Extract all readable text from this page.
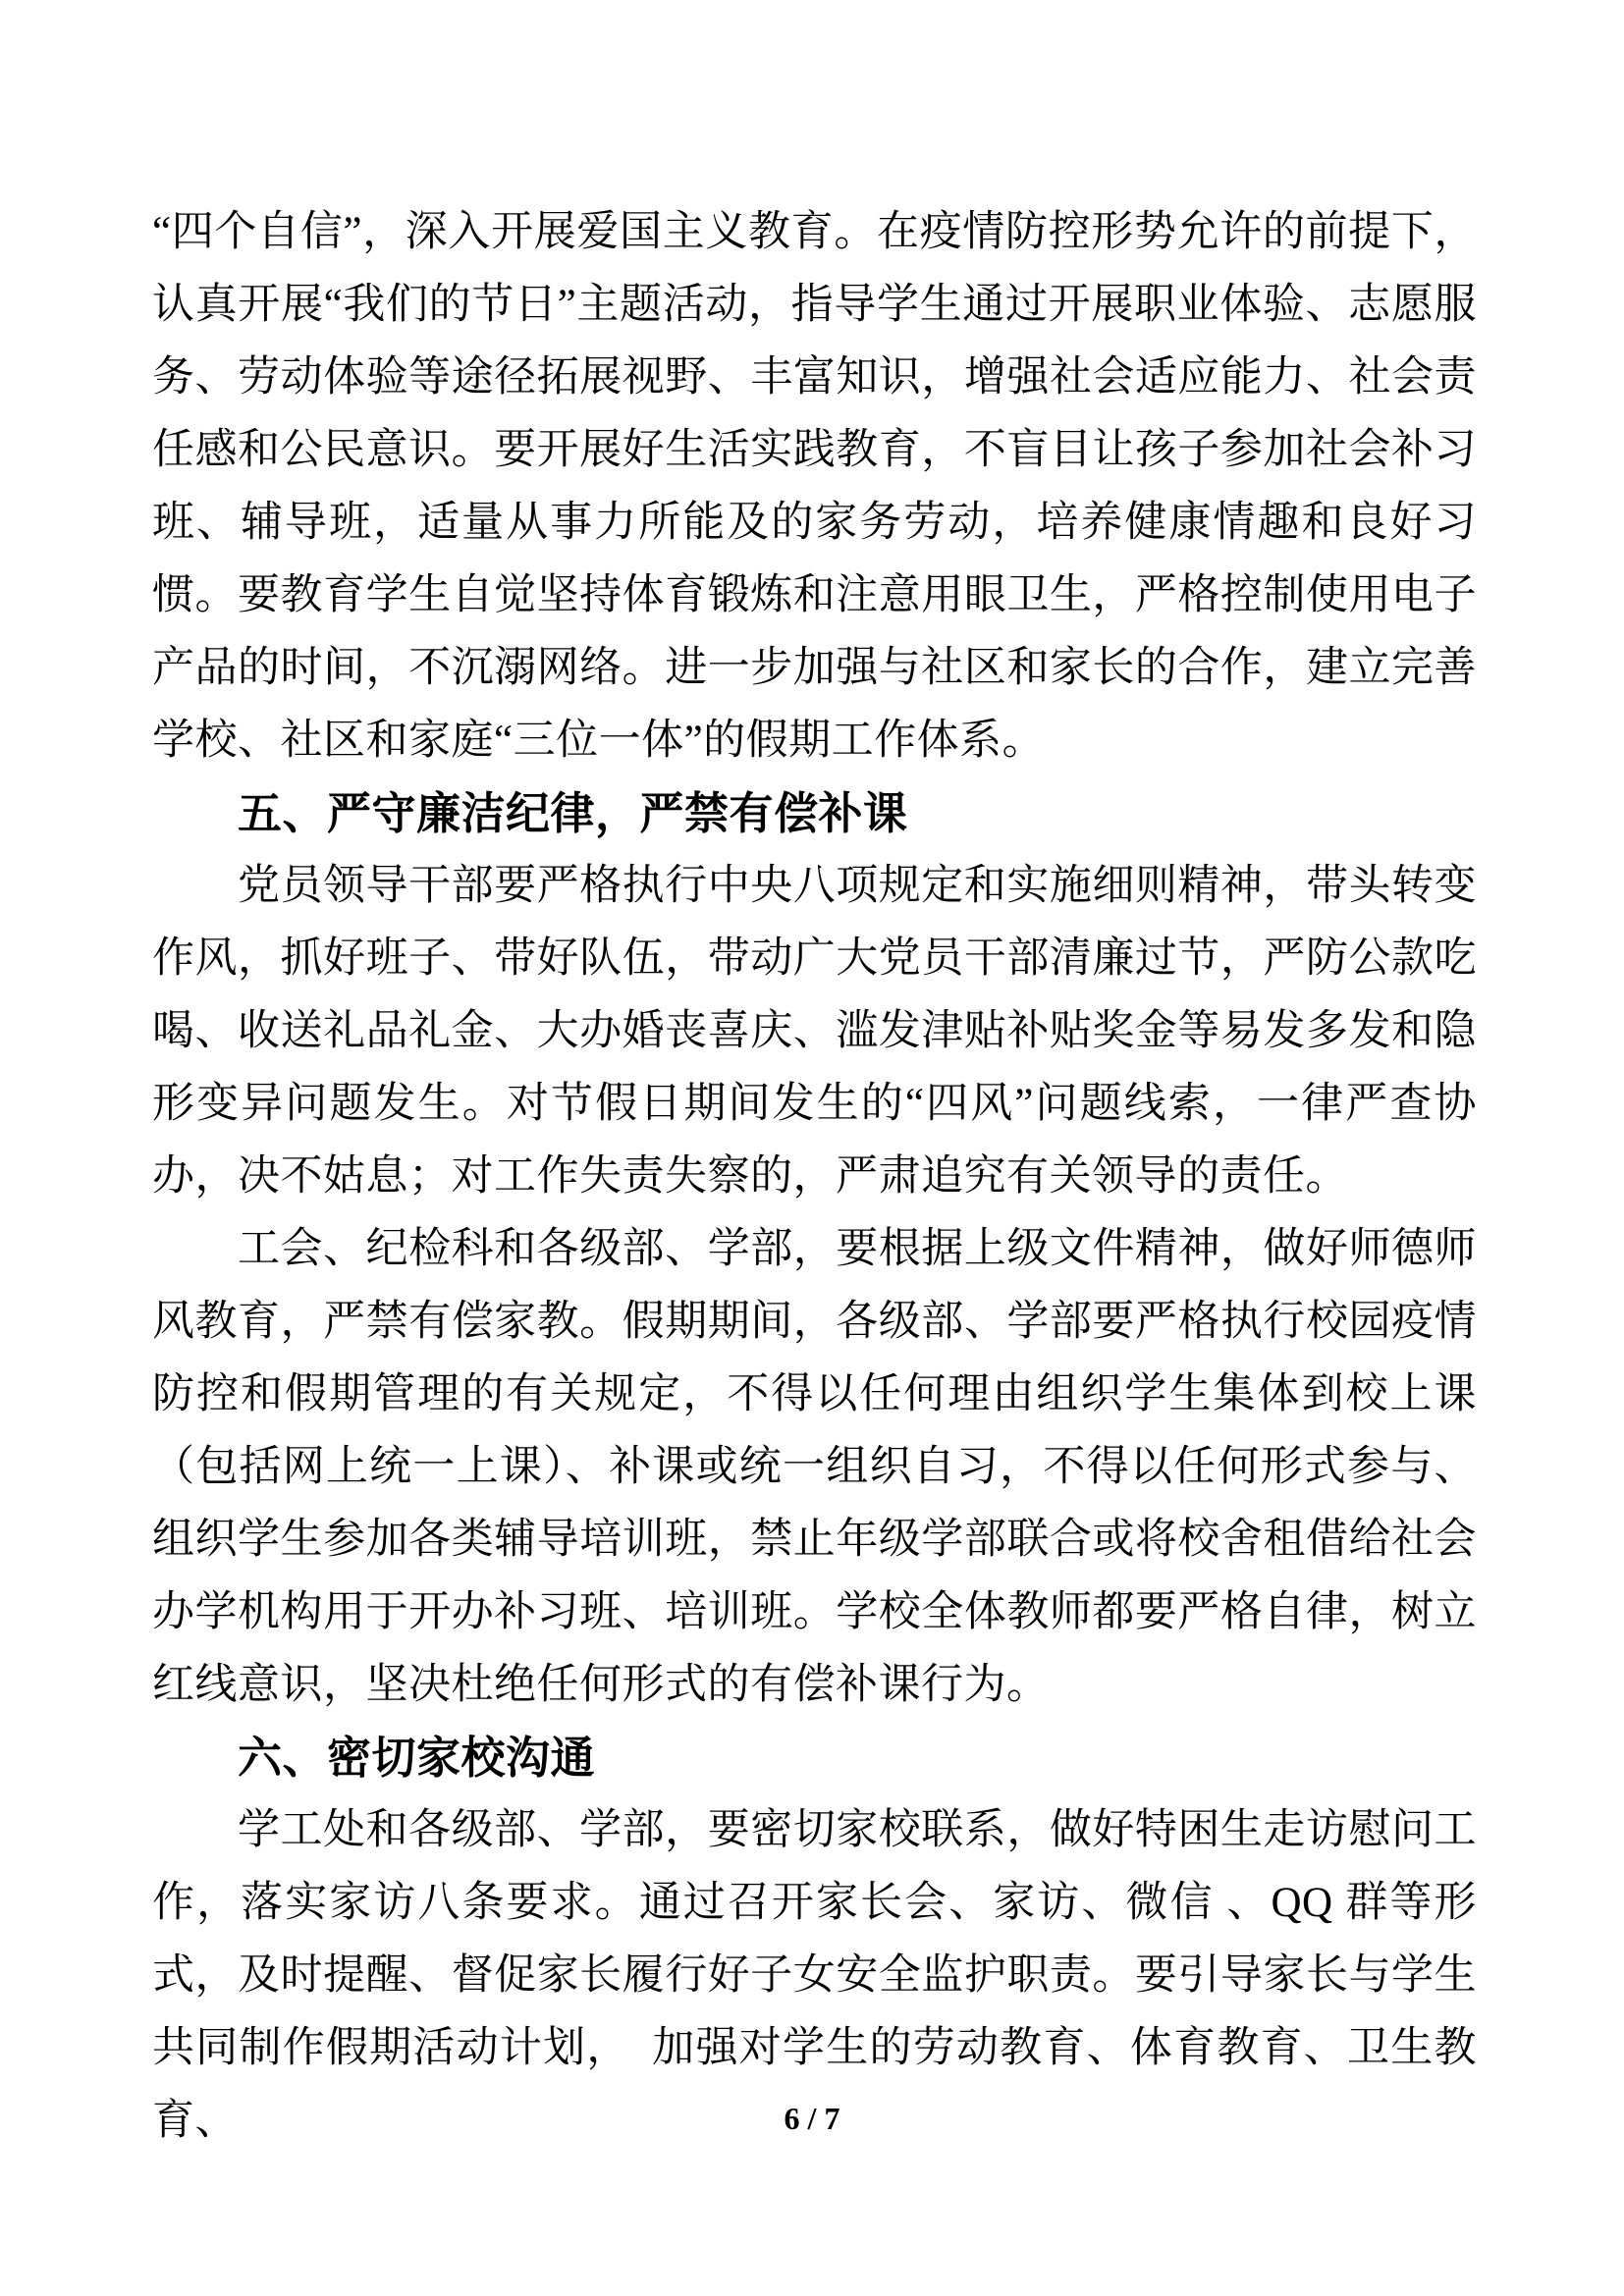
“四个自信”，深入开展爱国主义教育。在疫情防控形势允许的前提下，认真开展“我们的节日”主题活动，指导学生通过开展职业体验、志愿服务、劳动体验等途径拓展视野、丰富知识，增强社会适应能力、社会责任感和公民意识。要开展好生活实践教育，不盲目让孩子参加社会补习班、辅导班，适量从事力所能及的家务劳动，培养健康情趣和良好习惯。要教育学生自觉坚持体育锻炼和注意用眼卫生，严格控制使用电子产品的时间，不沉溺网络。进一步加强与社区和家长的合作，建立完善学校、社区和家庭“三位一体”的假期工作体系。

五、严守廉洁纪律，严禁有偿补课

党员领导干部要严格执行中央八项规定和实施细则精神，带头转变作风，抓好班子、带好队伍，带动广大党员干部清廉过节，严防公款吃喝、收送礼品礼金、大办婚丧喜庆、滥发津贴补贴奖金等易发多发和隐形变异问题发生。对节假日期间发生的“四风”问题线索，一律严查协办，决不姑息；对工作失责失察的，严肃追究有关领导的责任。

工会、纪检科和各级部、学部，要根据上级文件精神，做好师德师风教育，严禁有偿家教。假期期间，各级部、学部要严格执行校园疫情防控和假期管理的有关规定，不得以任何理由组织学生集体到校上课（包括网上统一上课）、补课或统一组织自习，不得以任何形式参与、组织学生参加各类辅导培训班，禁止年级学部联合或将校舍租借给社会办学机构用于开办补习班、培训班。学校全体教师都要严格自律，树立红线意识，坚决杜绝任何形式的有偿补课行为。

六、密切家校沟通

学工处和各级部、学部，要密切家校联系，做好特困生走访慰问工作，落实家访八条要求。通过召开家长会、家访、微信 、QQ 群等形式，及时提醒、督促家长履行好子女安全监护职责。要引导家长与学生共同制作假期活动计划，　加强对学生的劳动教育、体育教育、卫生教育、	6 / 7
